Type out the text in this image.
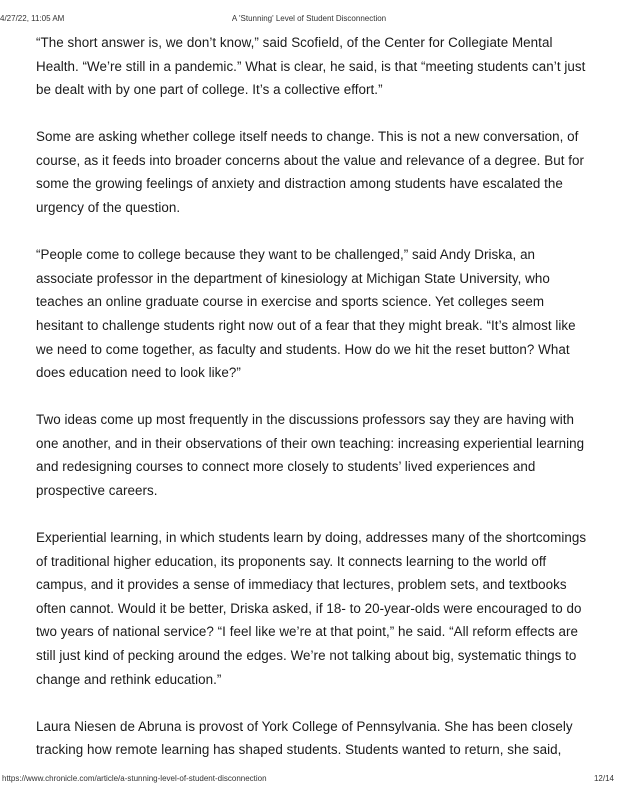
4/27/22, 11:05 AM	A 'Stunning' Level of Student Disconnection

“The short answer is, we don’t know,” said Scofield, of the Center for Collegiate Mental Health. “We’re still in a pandemic.” What is clear, he said, is that “meeting students can’t just be dealt with by one part of college. It’s a collective effort.”

Some are asking whether college itself needs to change. This is not a new conversation, of course, as it feeds into broader concerns about the value and relevance of a degree. But for some the growing feelings of anxiety and distraction among students have escalated the urgency of the question.

“People come to college because they want to be challenged,” said Andy Driska, an associate professor in the department of kinesiology at Michigan State University, who teaches an online graduate course in exercise and sports science. Yet colleges seem hesitant to challenge students right now out of a fear that they might break. “It’s almost like we need to come together, as faculty and students. How do we hit the reset button? What does education need to look like?”

Two ideas come up most frequently in the discussions professors say they are having with one another, and in their observations of their own teaching: increasing experiential learning and redesigning courses to connect more closely to students’ lived experiences and prospective careers.

Experiential learning, in which students learn by doing, addresses many of the shortcomings of traditional higher education, its proponents say. It connects learning to the world off campus, and it provides a sense of immediacy that lectures, problem sets, and textbooks often cannot. Would it be better, Driska asked, if 18- to 20-year-olds were encouraged to do two years of national service? “I feel like we’re at that point,” he said. “All reform effects are still just kind of pecking around the edges. We’re not talking about big, systematic things to change and rethink education.”

Laura Niesen de Abruna is provost of York College of Pennsylvania. She has been closely tracking how remote learning has shaped students. Students wanted to return, she said,

https://www.chronicle.com/article/a-stunning-level-of-student-disconnection	12/14
